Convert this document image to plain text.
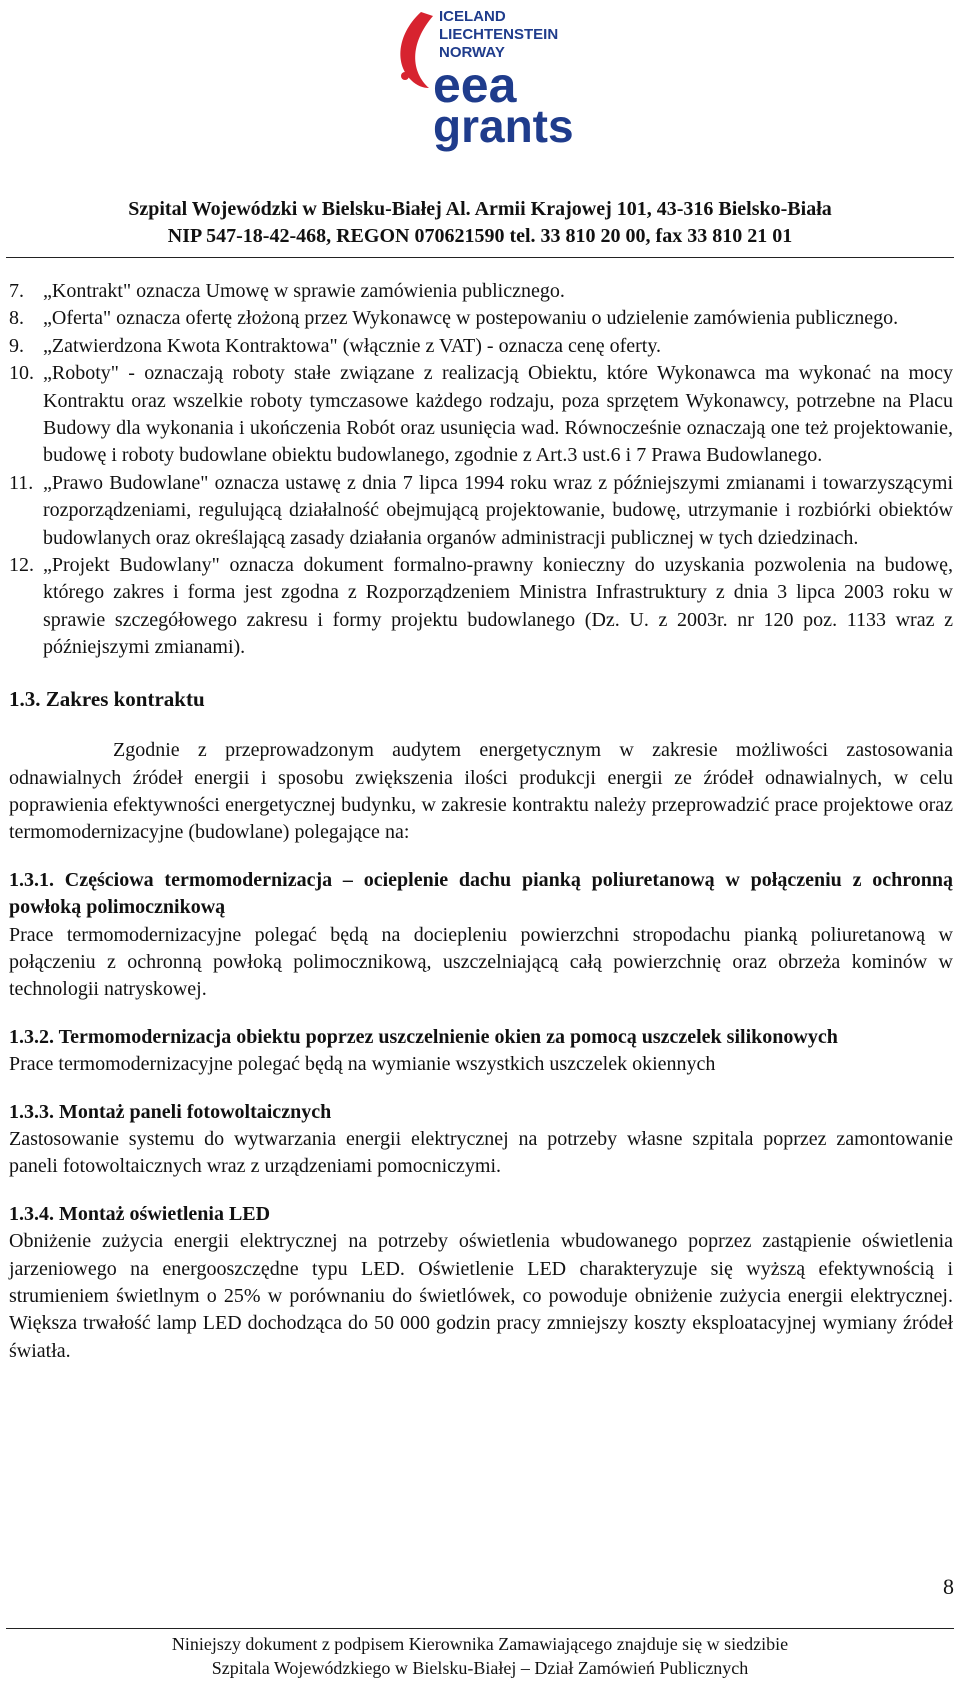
ICELAND
LIECHTENSTEIN
NORWAY
eea
grants
Szpital Wojewódzki w Bielsku-Białej Al. Armii Krajowej 101, 43-316 Bielsko-Biała
NIP 547-18-42-468, REGON 070621590 tel. 33 810 20 00, fax 33 810 21 01
7. „Kontrakt" oznacza Umowę w sprawie zamówienia publicznego.
8. „Oferta" oznacza ofertę złożoną przez Wykonawcę w postepowaniu o udzielenie zamówienia publicznego.
9. „Zatwierdzona Kwota Kontraktowa" (włącznie z VAT) - oznacza cenę oferty.
10. „Roboty" - oznaczają roboty stałe związane z realizacją Obiektu, które Wykonawca ma wykonać na mocy Kontraktu oraz wszelkie roboty tymczasowe każdego rodzaju, poza sprzętem Wykonawcy, potrzebne na Placu Budowy dla wykonania i ukończenia Robót oraz usunięcia wad. Równocześnie oznaczają one też projektowanie, budowę i roboty budowlane obiektu budowlanego, zgodnie z Art.3 ust.6 i 7 Prawa Budowlanego.
11. „Prawo Budowlane" oznacza ustawę z dnia 7 lipca 1994 roku wraz z późniejszymi zmianami i towarzyszącymi rozporządzeniami, regulującą działalność obejmującą projektowanie, budowę, utrzymanie i rozbiórki obiektów budowlanych oraz określającą zasady działania organów administracji publicznej w tych dziedzinach.
12. „Projekt Budowlany" oznacza dokument formalno-prawny konieczny do uzyskania pozwolenia na budowę, którego zakres i forma jest zgodna z Rozporządzeniem Ministra Infrastruktury z dnia 3 lipca 2003 roku w sprawie szczegółowego zakresu i formy projektu budowlanego (Dz. U. z 2003r. nr 120 poz. 1133 wraz z późniejszymi zmianami).

1.3. Zakres kontraktu

Zgodnie z przeprowadzonym audytem energetycznym w zakresie możliwości zastosowania odnawialnych źródeł energii i sposobu zwiększenia ilości produkcji energii ze źródeł odnawialnych, w celu poprawienia efektywności energetycznej budynku, w zakresie kontraktu należy przeprowadzić prace projektowe oraz termomodernizacyjne (budowlane) polegające na:

1.3.1. Częściowa termomodernizacja – ocieplenie dachu pianką poliuretanową w połączeniu z ochronną powłoką polimocznikową

Prace termomodernizacyjne polegać będą na dociepleniu powierzchni stropodachu pianką poliuretanową w połączeniu z ochronną powłoką polimocznikową, uszczelniającą całą powierzchnię oraz obrzeża kominów w technologii natryskowej.

1.3.2. Termomodernizacja obiektu poprzez uszczelnienie okien za pomocą uszczelek silikonowych

Prace termomodernizacyjne polegać będą na wymianie wszystkich uszczelek okiennych

1.3.3. Montaż paneli fotowoltaicznych

Zastosowanie systemu do wytwarzania energii elektrycznej na potrzeby własne szpitala poprzez zamontowanie paneli fotowoltaicznych wraz z urządzeniami pomocniczymi.

1.3.4. Montaż oświetlenia LED

Obniżenie zużycia energii elektrycznej na potrzeby oświetlenia wbudowanego poprzez zastąpienie oświetlenia jarzeniowego na energooszczędne typu LED. Oświetlenie LED charakteryzuje się wyższą efektywnością i strumieniem świetlnym o 25% w porównaniu do świetlówek, co powoduje obniżenie zużycia energii elektrycznej. Większa trwałość lamp LED dochodząca do 50 000 godzin pracy zmniejszy koszty eksploatacyjnej wymiany źródeł światła.

8
Niniejszy dokument z podpisem Kierownika Zamawiającego znajduje się w siedzibie
Szpitala Wojewódzkiego w Bielsku-Białej – Dział Zamówień Publicznych
